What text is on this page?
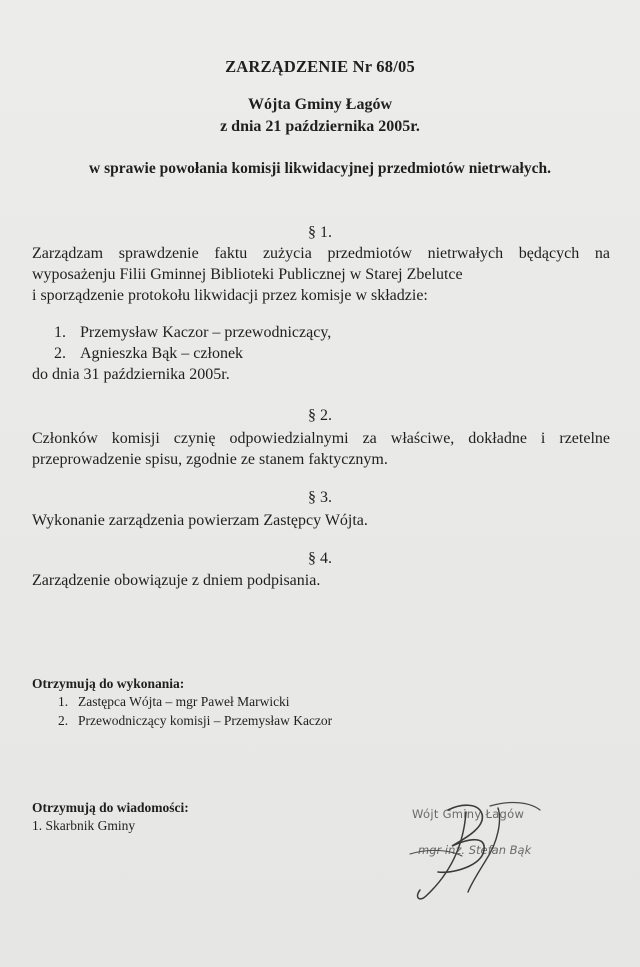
ZARZĄDZENIE Nr 68/05
Wójta Gminy Łagów
z dnia 21 października 2005r.
w sprawie powołania komisji likwidacyjnej przedmiotów nietrwałych.
§ 1.
Zarządzam sprawdzenie faktu zużycia przedmiotów nietrwałych będących na
wyposażenju Filii Gminnej Biblioteki Publicznej w Starej Zbelutce
i sporządzenie protokołu likwidacji przez komisje w składzie:
1. Przemysław Kaczor – przewodniczący,
2. Agnieszka Bąk – członek
do dnia 31 października 2005r.
§ 2.
Członków komisji czynię odpowiedzialnymi za właściwe, dokładne i rzetelne
przeprowadzenie spisu, zgodnie ze stanem faktycznym.
§ 3.
Wykonanie zarządzenia powierzam Zastępcy Wójta.
§ 4.
Zarządzenie obowiązuje z dniem podpisania.
Otrzymują do wykonania:
1. Zastępca Wójta – mgr Paweł Marwicki
2. Przewodniczący komisji – Przemysław Kaczor
Otrzymują do wiadomości:
1. Skarbnik Gminy
Wójt Gminy Łagów
mgr inż. Stefan Bąk
